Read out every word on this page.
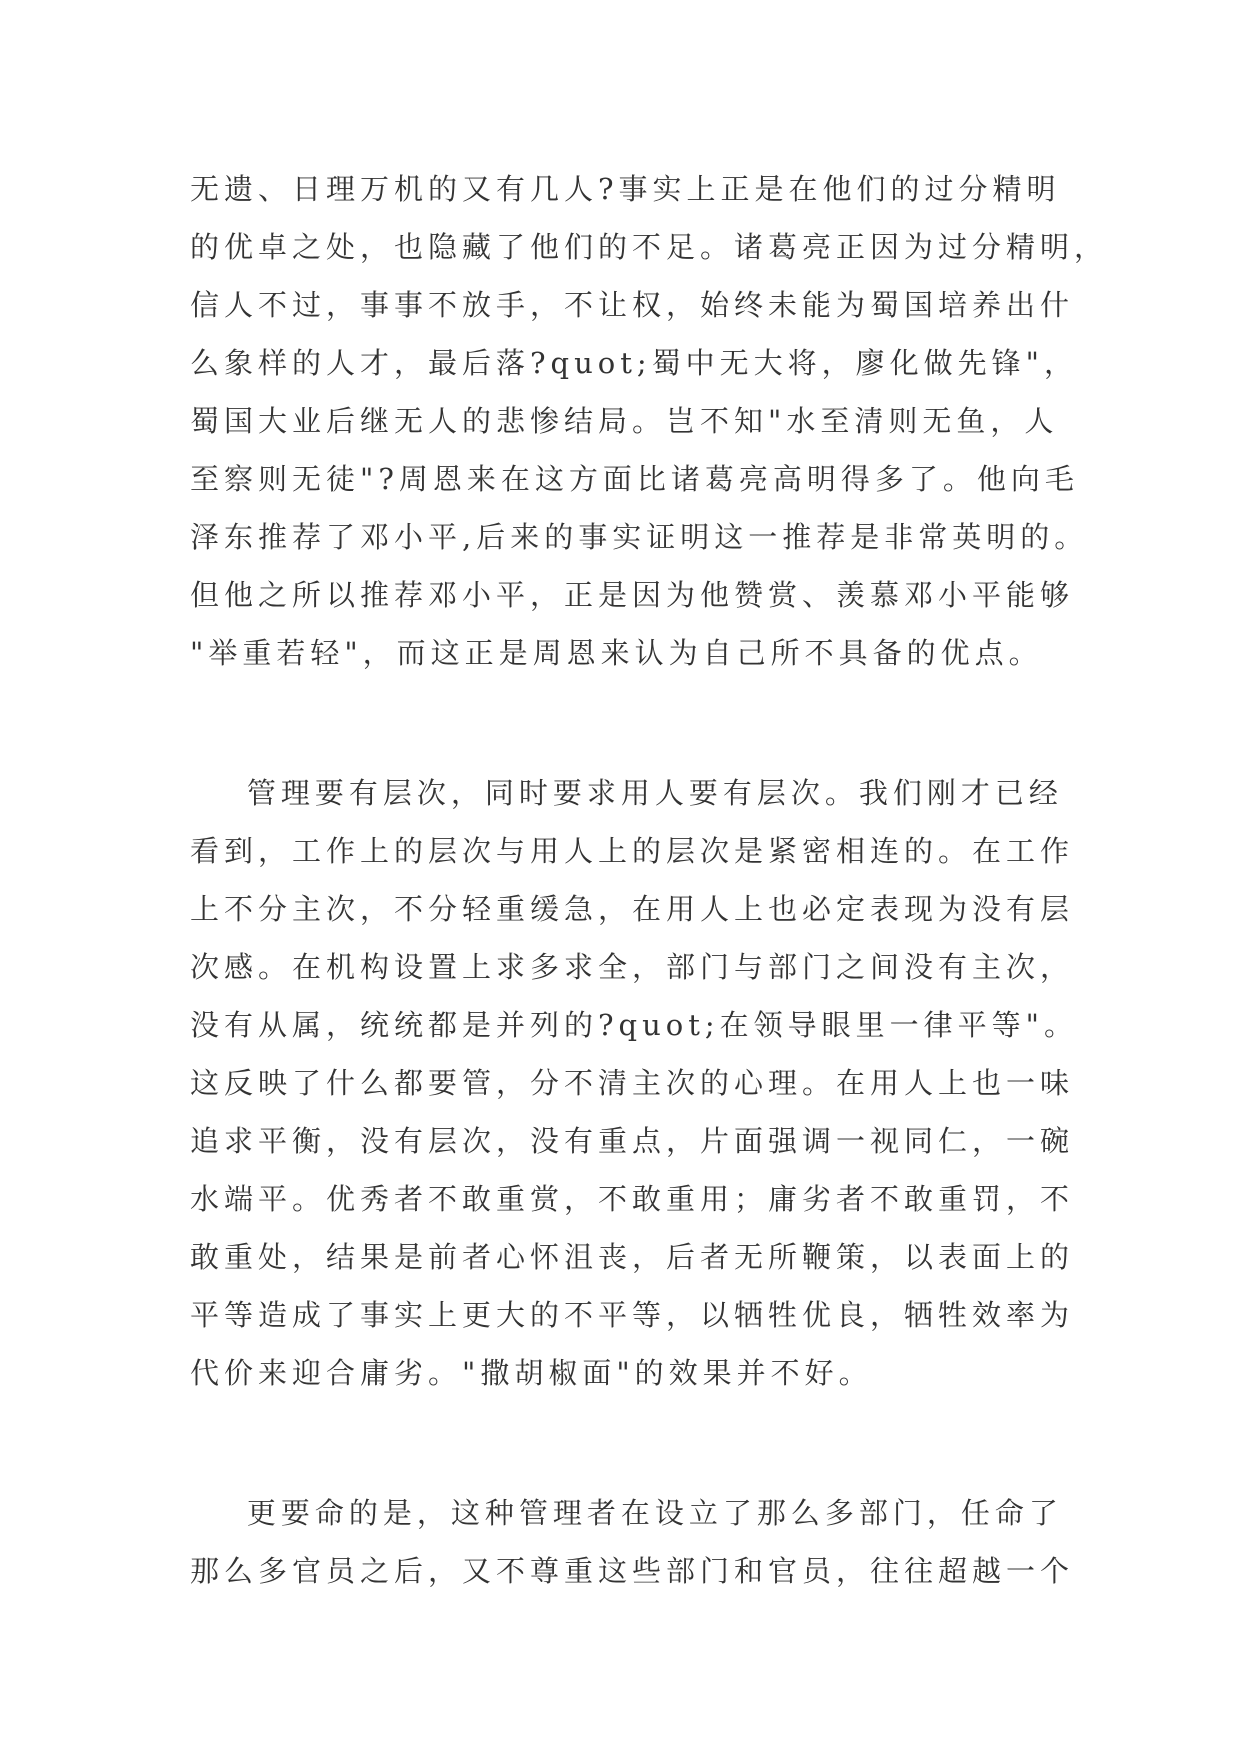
无遗、日理万机的又有几人?事实上正是在他们的过分精明
的优卓之处，也隐藏了他们的不足。诸葛亮正因为过分精明，
信人不过，事事不放手，不让权，始终未能为蜀国培养出什
么象样的人才，最后落?quot;蜀中无大将，廖化做先锋"，
蜀国大业后继无人的悲惨结局。岂不知"水至清则无鱼，人
至察则无徒"?周恩来在这方面比诸葛亮高明得多了。他向毛
泽东推荐了邓小平,后来的事实证明这一推荐是非常英明的。
但他之所以推荐邓小平，正是因为他赞赏、羡慕邓小平能够
"举重若轻"，而这正是周恩来认为自己所不具备的优点。
管理要有层次，同时要求用人要有层次。我们刚才已经
看到，工作上的层次与用人上的层次是紧密相连的。在工作
上不分主次，不分轻重缓急，在用人上也必定表现为没有层
次感。在机构设置上求多求全，部门与部门之间没有主次，
没有从属，统统都是并列的?quot;在领导眼里一律平等"。
这反映了什么都要管，分不清主次的心理。在用人上也一味
追求平衡，没有层次，没有重点，片面强调一视同仁，一碗
水端平。优秀者不敢重赏，不敢重用；庸劣者不敢重罚，不
敢重处，结果是前者心怀沮丧，后者无所鞭策，以表面上的
平等造成了事实上更大的不平等，以牺牲优良，牺牲效率为
代价来迎合庸劣。"撒胡椒面"的效果并不好。
更要命的是，这种管理者在设立了那么多部门，任命了
那么多官员之后，又不尊重这些部门和官员，往往超越一个
